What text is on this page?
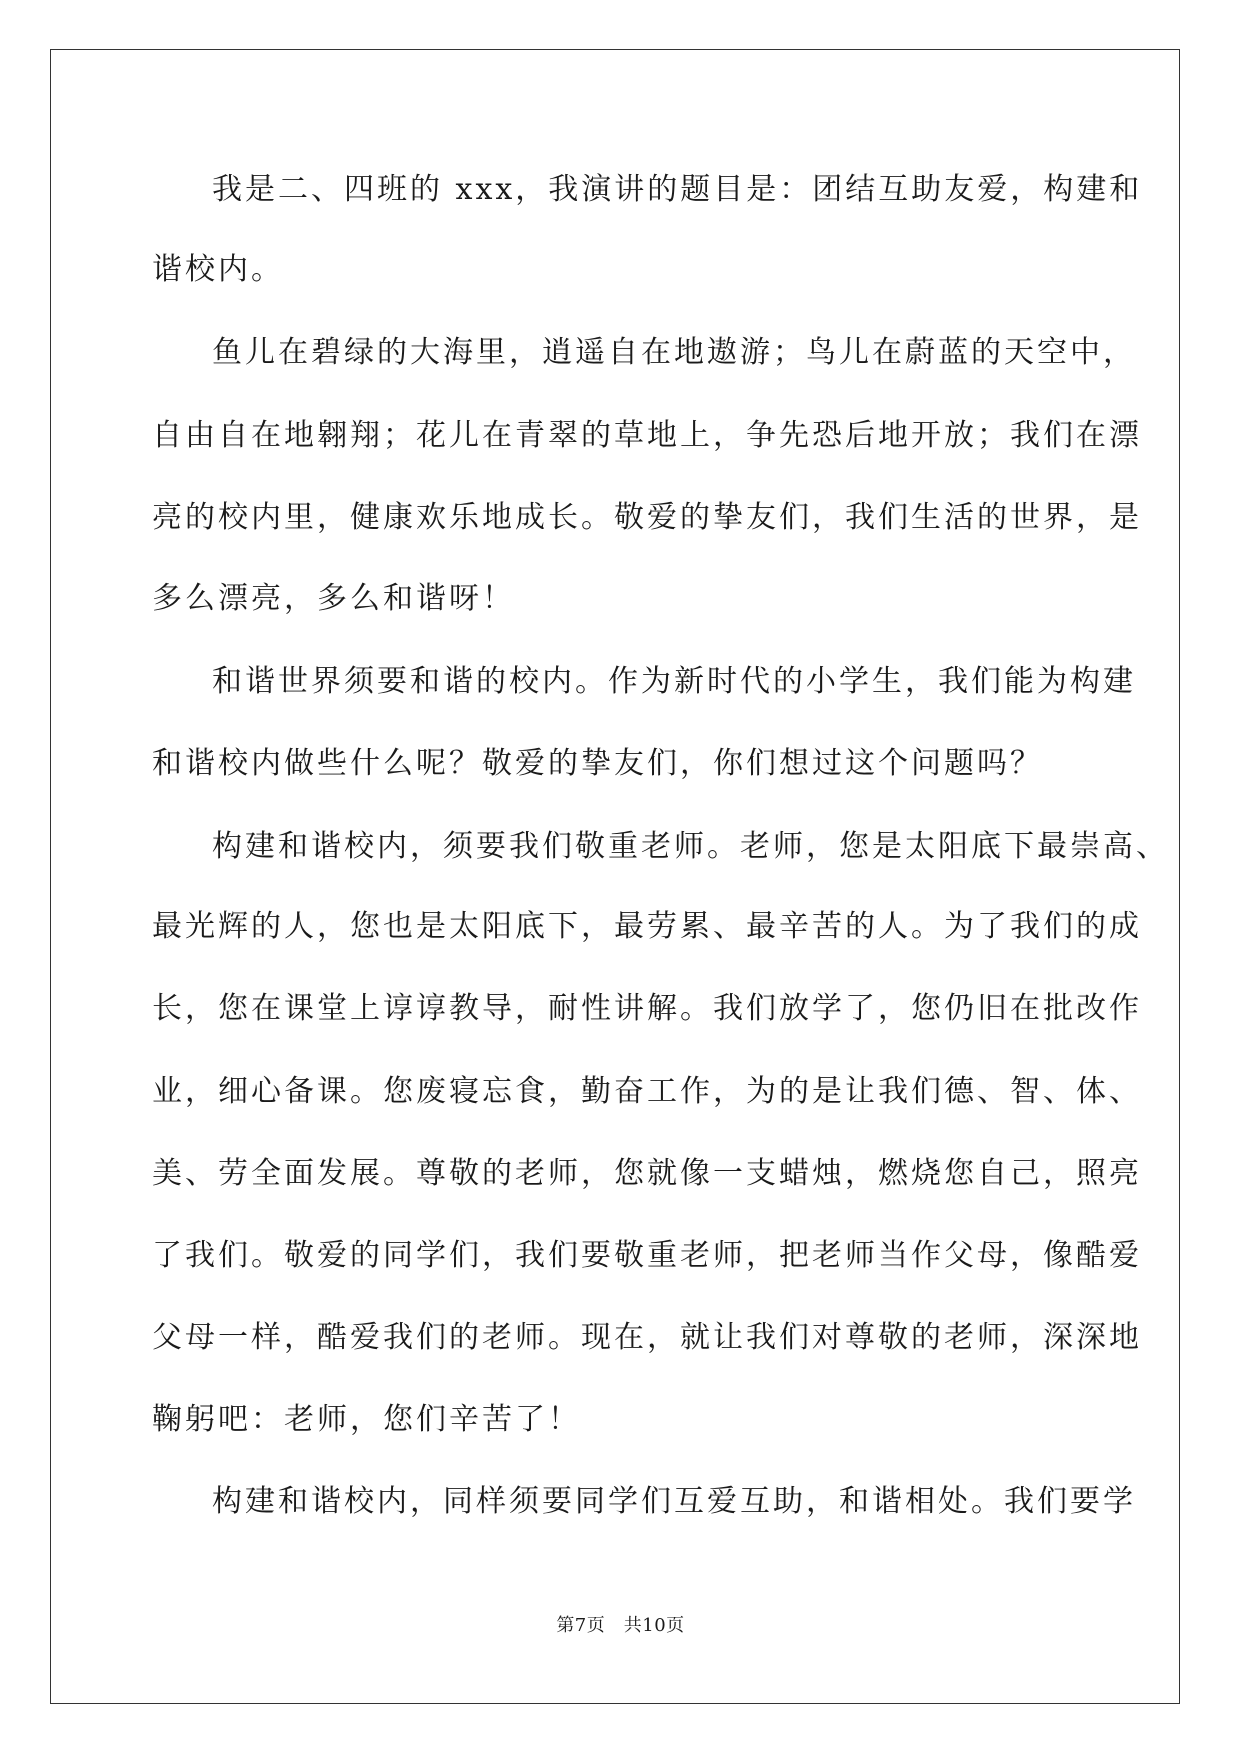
我是二、四班的 xxx，我演讲的题目是：团结互助友爱，构建和
谐校内。
鱼儿在碧绿的大海里，逍遥自在地遨游；鸟儿在蔚蓝的天空中，
自由自在地翱翔；花儿在青翠的草地上，争先恐后地开放；我们在漂
亮的校内里，健康欢乐地成长。敬爱的挚友们，我们生活的世界，是
多么漂亮，多么和谐呀！
和谐世界须要和谐的校内。作为新时代的小学生，我们能为构建
和谐校内做些什么呢？敬爱的挚友们，你们想过这个问题吗？
构建和谐校内，须要我们敬重老师。老师，您是太阳底下最崇高、
最光辉的人，您也是太阳底下，最劳累、最辛苦的人。为了我们的成
长，您在课堂上谆谆教导，耐性讲解。我们放学了，您仍旧在批改作
业，细心备课。您废寝忘食，勤奋工作，为的是让我们德、智、体、
美、劳全面发展。尊敬的老师，您就像一支蜡烛，燃烧您自己，照亮
了我们。敬爱的同学们，我们要敬重老师，把老师当作父母，像酷爱
父母一样，酷爱我们的老师。现在，就让我们对尊敬的老师，深深地
鞠躬吧：老师，您们辛苦了！
构建和谐校内，同样须要同学们互爱互助，和谐相处。我们要学
第7页　共10页
